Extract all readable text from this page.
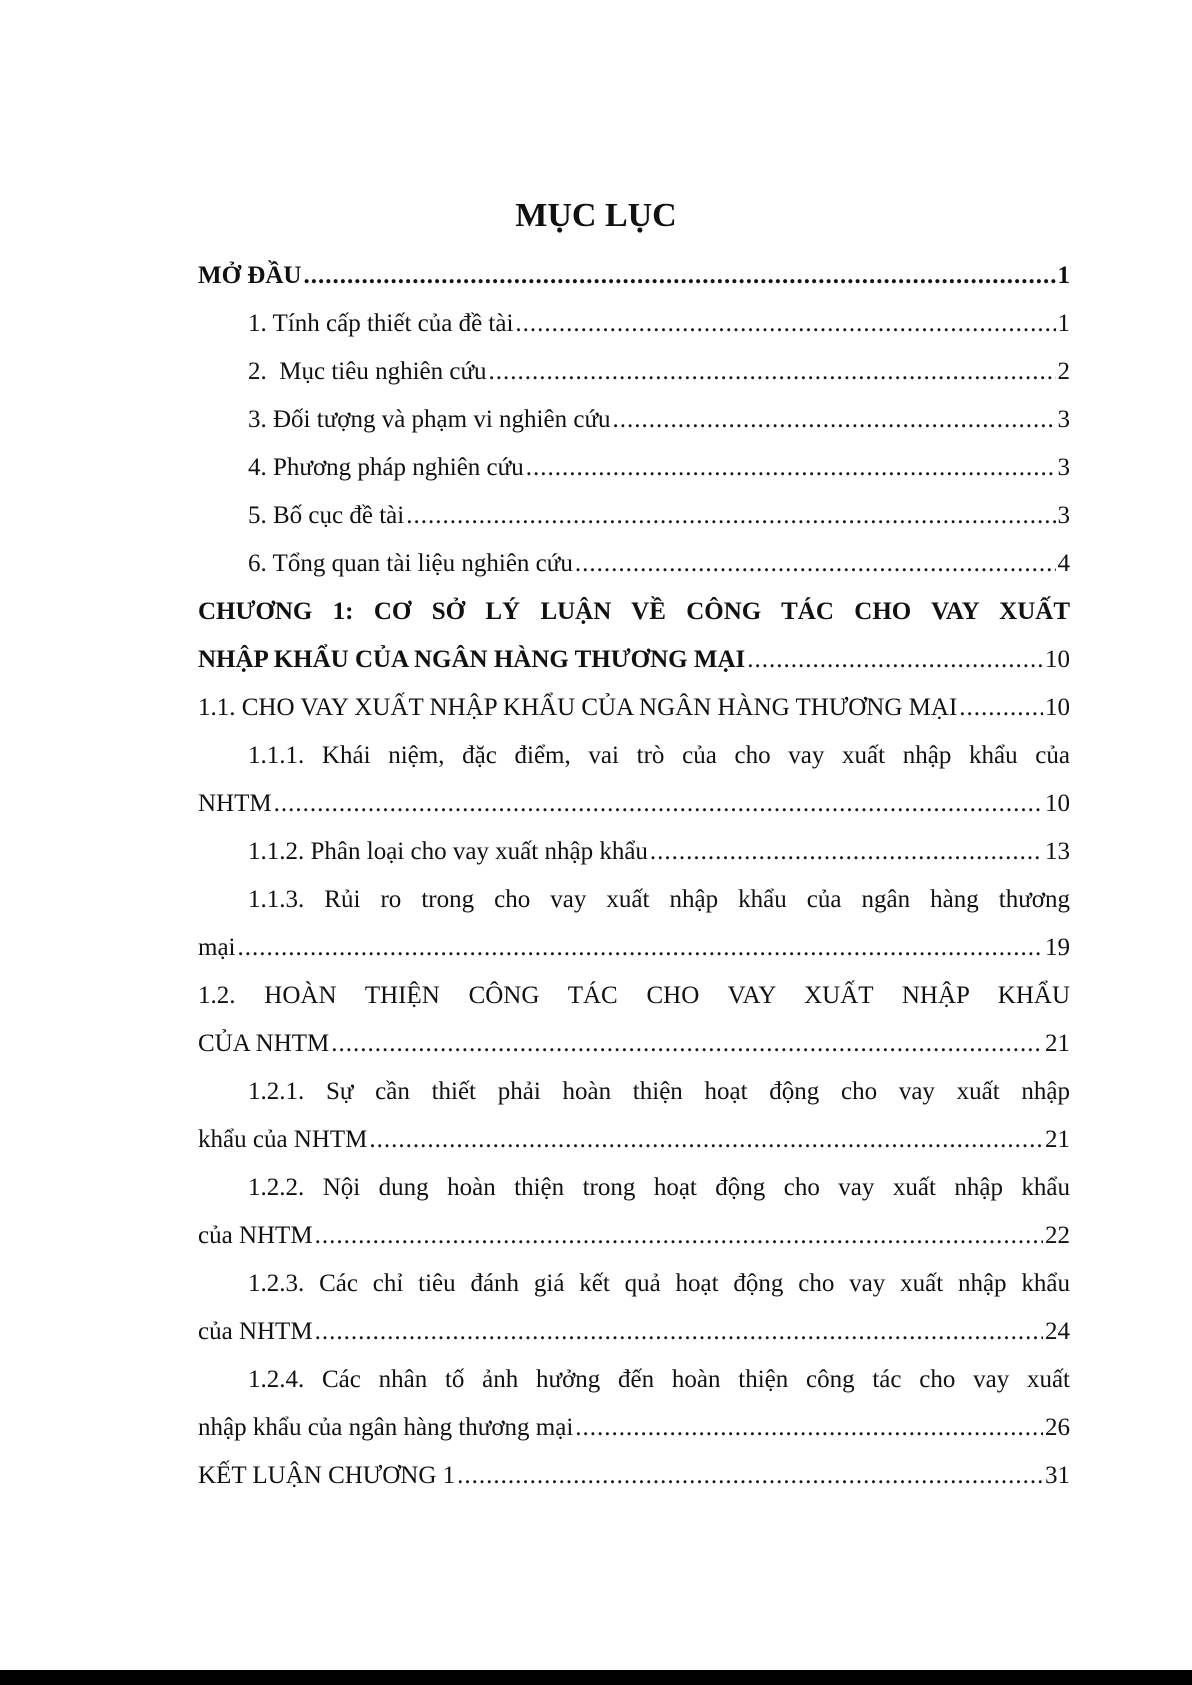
MỤC LỤC
MỞ ĐẦU .....	1
1. Tính cấp thiết của đề tài .....	1
2.  Mục tiêu nghiên cứu .....	2
3. Đối tượng và phạm vi nghiên cứu .....	3
4. Phương pháp nghiên cứu .....	3
5. Bố cục đề tài .....	3
6. Tổng quan tài liệu nghiên cứu .....	4
CHƯƠNG 1: CƠ SỞ LÝ LUẬN VỀ CÔNG TÁC CHO VAY XUẤT
NHẬP KHẨU CỦA NGÂN HÀNG THƯƠNG MẠI .....	10
1.1. CHO VAY XUẤT NHẬP KHẨU CỦA NGÂN HÀNG THƯƠNG MẠI .....	10
1.1.1. Khái niệm, đặc điểm, vai trò của cho vay xuất nhập khẩu của
NHTM .....	10
1.1.2. Phân loại cho vay xuất nhập khẩu .....	13
1.1.3. Rủi ro trong cho vay xuất nhập khẩu của ngân hàng thương
mại .....	19
1.2. HOÀN THIỆN CÔNG TÁC CHO VAY XUẤT NHẬP KHẨU
CỦA NHTM .....	21
1.2.1. Sự cần thiết phải hoàn thiện hoạt động cho vay xuất nhập
khẩu của NHTM .....	21
1.2.2. Nội dung hoàn thiện trong hoạt động cho vay xuất nhập khẩu
của NHTM .....	22
1.2.3. Các chỉ tiêu đánh giá kết quả hoạt động cho vay xuất nhập khẩu
của NHTM .....	24
1.2.4. Các nhân tố ảnh hưởng đến hoàn thiện công tác cho vay xuất
nhập khẩu của ngân hàng thương mại .....	26
KẾT LUẬN CHƯƠNG 1 .....	31
